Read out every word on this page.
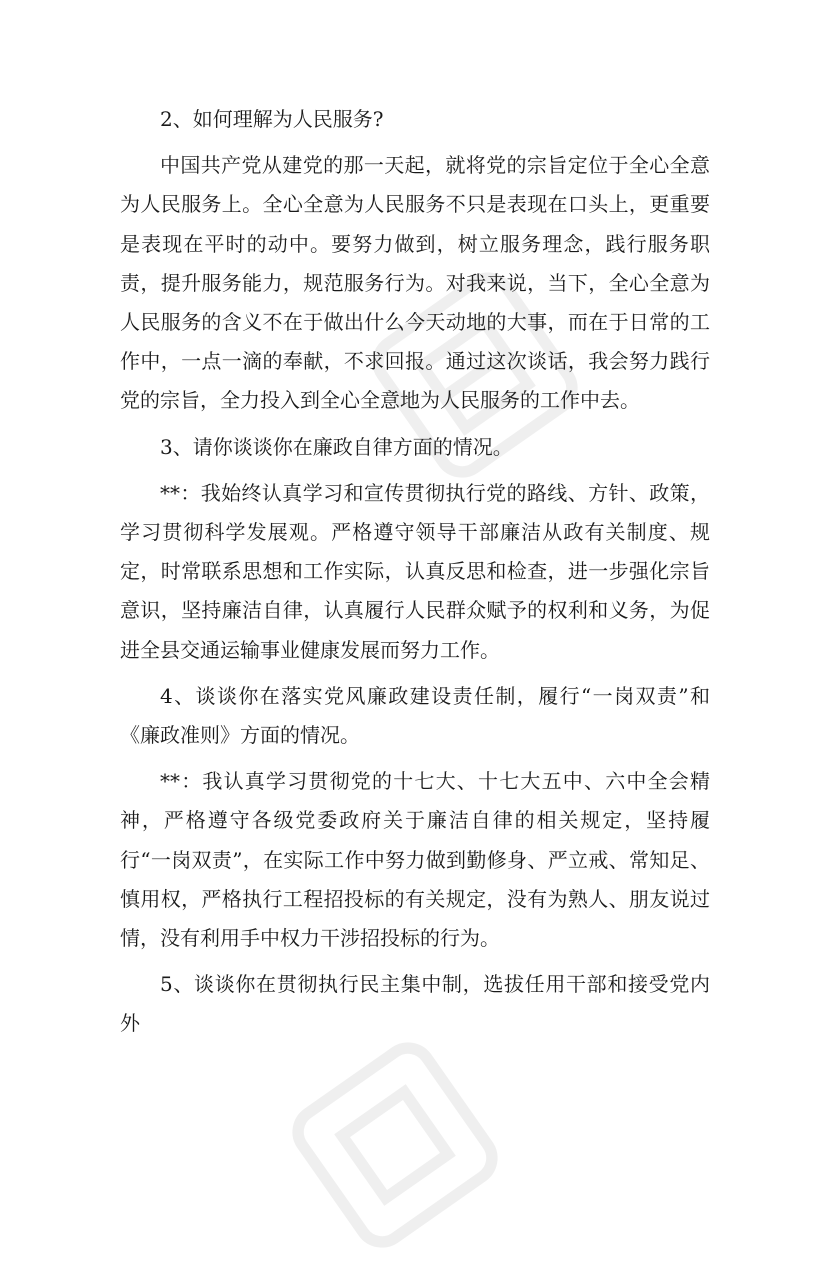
2、如何理解为人民服务?

中国共产党从建党的那一天起，就将党的宗旨定位于全心全意为人民服务上。全心全意为人民服务不只是表现在口头上，更重要是表现在平时的动中。要努力做到，树立服务理念，践行服务职责，提升服务能力，规范服务行为。对我来说，当下，全心全意为人民服务的含义不在于做出什么今天动地的大事，而在于日常的工作中，一点一滴的奉献，不求回报。通过这次谈话，我会努力践行党的宗旨，全力投入到全心全意地为人民服务的工作中去。

3、请你谈谈你在廉政自律方面的情况。

**：我始终认真学习和宣传贯彻执行党的路线、方针、政策，学习贯彻科学发展观。严格遵守领导干部廉洁从政有关制度、规定，时常联系思想和工作实际，认真反思和检查，进一步强化宗旨意识，坚持廉洁自律，认真履行人民群众赋予的权利和义务，为促进全县交通运输事业健康发展而努力工作。

4、谈谈你在落实党风廉政建设责任制，履行“一岗双责”和《廉政准则》方面的情况。

**：我认真学习贯彻党的十七大、十七大五中、六中全会精神，严格遵守各级党委政府关于廉洁自律的相关规定，坚持履行“一岗双责”，在实际工作中努力做到勤修身、严立戒、常知足、慎用权，严格执行工程招投标的有关规定，没有为熟人、朋友说过情，没有利用手中权力干涉招投标的行为。

5、谈谈你在贯彻执行民主集中制，选拔任用干部和接受党内外
